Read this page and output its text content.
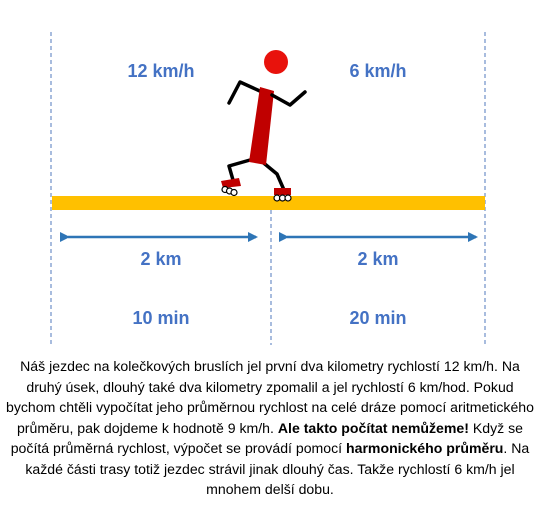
12 km/h	6 km/h
2 km	2 km
10 min	20 min
Náš jezdec na kolečkových bruslích jel první dva kilometry rychlostí 12 km/h. Na druhý úsek, dlouhý také dva kilometry zpomalil a jel rychlostí 6 km/hod. Pokud bychom chtěli vypočítat jeho průměrnou rychlost na celé dráze pomocí aritmetického průměru, pak dojdeme k hodnotě 9 km/h. Ale takto počítat nemůžeme! Když se počítá průměrná rychlost, výpočet se provádí pomocí harmonického průměru. Na každé části trasy totiž jezdec strávil jinak dlouhý čas. Takže rychlostí 6 km/h jel mnohem delší dobu.
